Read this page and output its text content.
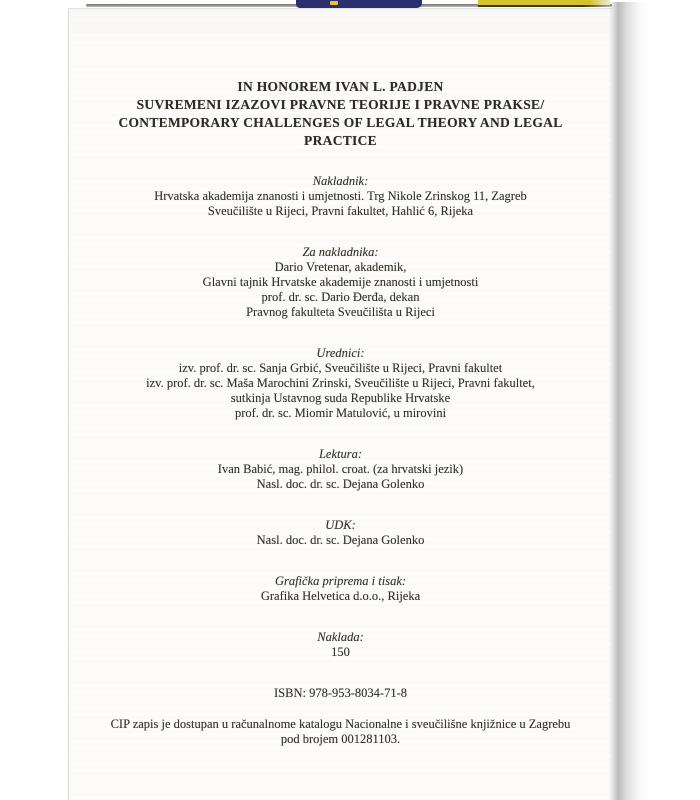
IN HONOREM IVAN L. PADJEN
SUVREMENI IZAZOVI PRAVNE TEORIJE I PRAVNE PRAKSE/
CONTEMPORARY CHALLENGES OF LEGAL THEORY AND LEGAL
PRACTICE
Nakladnik:
Hrvatska akademija znanosti i umjetnosti. Trg Nikole Zrinskog 11, Zagreb
Sveučilište u Rijeci, Pravni fakultet, Hahlić 6, Rijeka
Za nakladnika:
Dario Vretenar, akademik,
Glavni tajnik Hrvatske akademije znanosti i umjetnosti
prof. dr. sc. Dario Đerđa, dekan
Pravnog fakulteta Sveučilišta u Rijeci
Urednici:
izv. prof. dr. sc. Sanja Grbić, Sveučilište u Rijeci, Pravni fakultet
izv. prof. dr. sc. Maša Marochini Zrinski, Sveučilište u Rijeci, Pravni fakultet,
sutkinja Ustavnog suda Republike Hrvatske
prof. dr. sc. Miomir Matulović, u mirovini
Lektura:
Ivan Babić, mag. philol. croat. (za hrvatski jezik)
Nasl. doc. dr. sc. Dejana Golenko
UDK:
Nasl. doc. dr. sc. Dejana Golenko
Grafička priprema i tisak:
Grafika Helvetica d.o.o., Rijeka
Naklada:
150
ISBN: 978-953-8034-71-8
CIP zapis je dostupan u računalnome katalogu Nacionalne i sveučilišne knjižnice u Zagrebu
pod brojem 001281103.
